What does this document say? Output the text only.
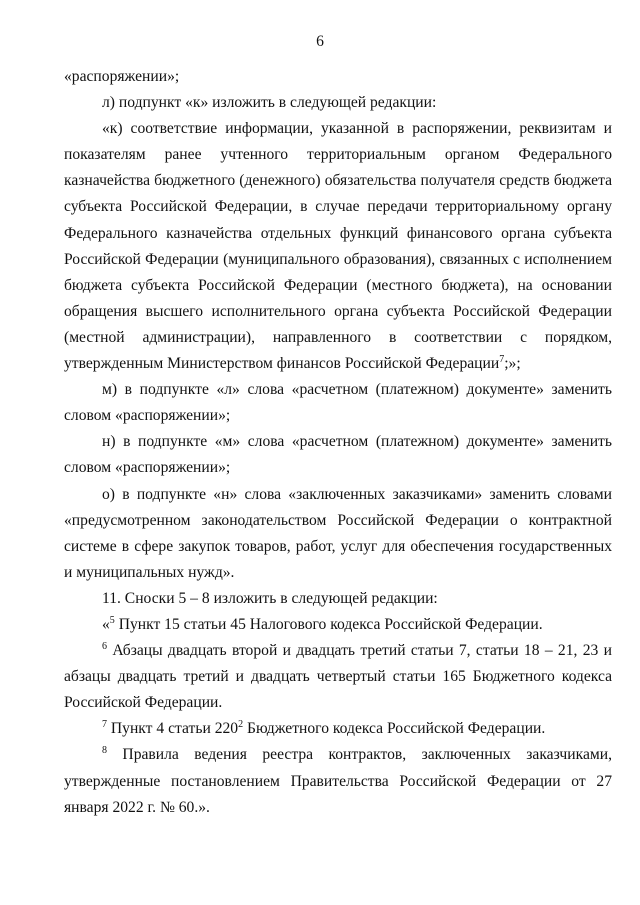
6

«распоряжении»;

л) подпункт «к» изложить в следующей редакции:

«к) соответствие информации, указанной в распоряжении, реквизитам и показателям ранее учтенного территориальным органом Федерального казначейства бюджетного (денежного) обязательства получателя средств бюджета субъекта Российской Федерации, в случае передачи территориальному органу Федерального казначейства отдельных функций финансового органа субъекта Российской Федерации (муниципального образования), связанных с исполнением бюджета субъекта Российской Федерации (местного бюджета), на основании обращения высшего исполнительного органа субъекта Российской Федерации (местной администрации), направленного в соответствии с порядком, утвержденным Министерством финансов Российской Федерации$^7$;»;

м) в подпункте «л» слова «расчетном (платежном) документе» заменить словом «распоряжении»;

н) в подпункте «м» слова «расчетном (платежном) документе» заменить словом «распоряжении»;

о) в подпункте «н» слова «заключенных заказчиками» заменить словами «предусмотренном законодательством Российской Федерации о контрактной системе в сфере закупок товаров, работ, услуг для обеспечения государственных и муниципальных нужд».

11. Сноски 5 – 8 изложить в следующей редакции:

«$^5$ Пункт 15 статьи 45 Налогового кодекса Российской Федерации.

$^6$ Абзацы двадцать второй и двадцать третий статьи 7, статьи 18 – 21, 23 и абзацы двадцать третий и двадцать четвертый статьи 165 Бюджетного кодекса Российской Федерации.

$^7$ Пункт 4 статьи $220^2$ Бюджетного кодекса Российской Федерации.

$^8$ Правила ведения реестра контрактов, заключенных заказчиками, утвержденные постановлением Правительства Российской Федерации от 27 января 2022 г. № 60.».
